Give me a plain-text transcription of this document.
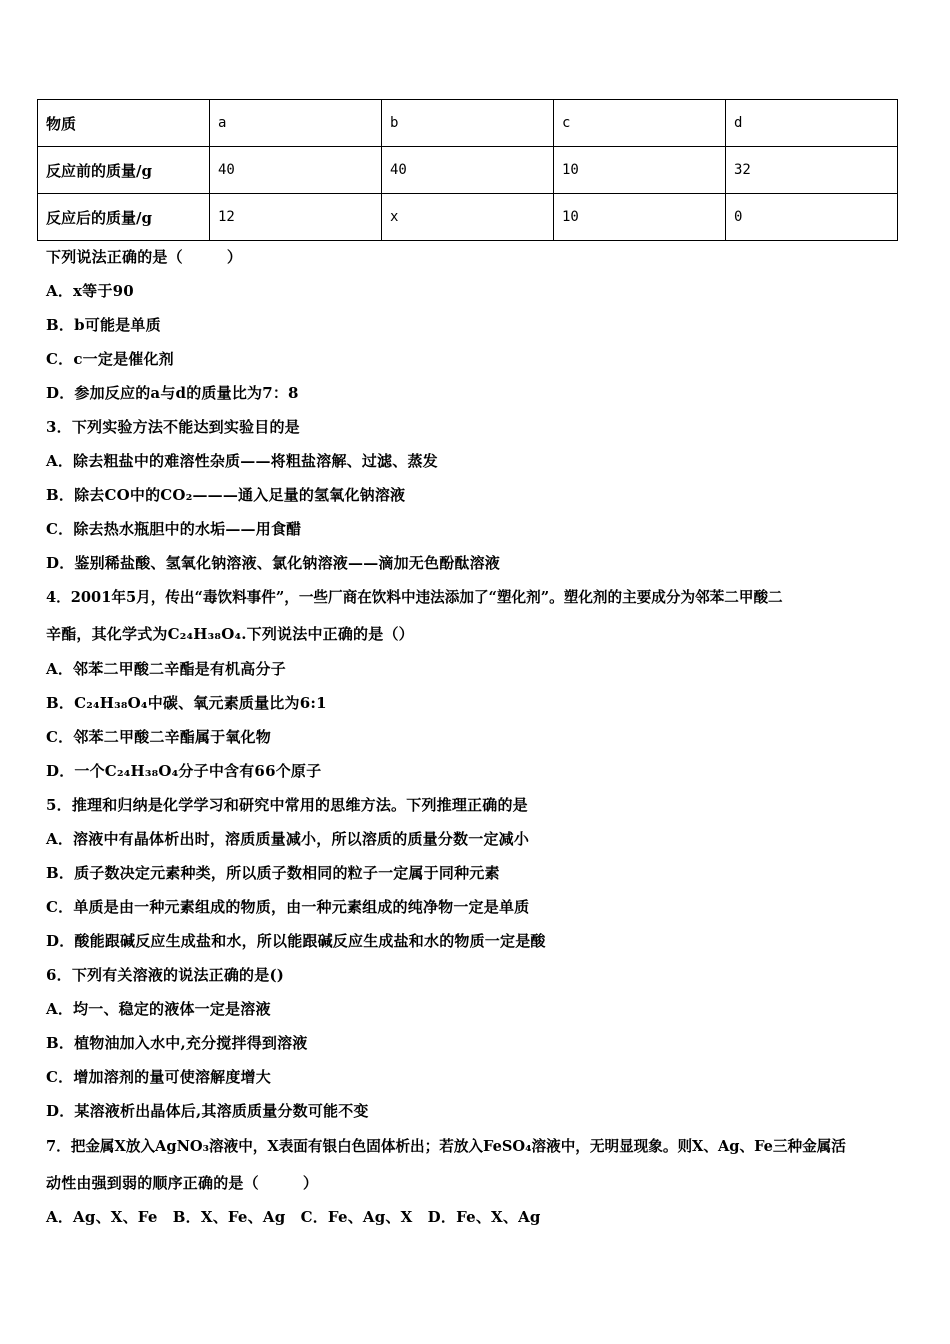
物质	a	b	c	d
反应前的质量/g	40	40	10	32
反应后的质量/g	12	x	10	0
下列说法正确的是（	）
A．x等于90
B．b可能是单质
C．c一定是催化剂
D．参加反应的a与d的质量比为7：8
3．下列实验方法不能达到实验目的是
A．除去粗盐中的难溶性杂质——将粗盐溶解、过滤、蒸发
B．除去CO中的CO₂———通入足量的氢氧化钠溶液
C．除去热水瓶胆中的水垢——用食醋
D．鉴别稀盐酸、氢氧化钠溶液、氯化钠溶液——滴加无色酚酞溶液
4．2001年5月，传出“毒饮料事件”，一些厂商在饮料中违法添加了“塑化剂”。塑化剂的主要成分为邻苯二甲酸二
辛酯，其化学式为C₂₄H₃₈O₄.下列说法中正确的是（）
A．邻苯二甲酸二辛酯是有机高分子
B．C₂₄H₃₈O₄中碳、氧元素质量比为6:1
C．邻苯二甲酸二辛酯属于氧化物
D．一个C₂₄H₃₈O₄分子中含有66个原子
5．推理和归纳是化学学习和研究中常用的思维方法。下列推理正确的是
A．溶液中有晶体析出时，溶质质量减小，所以溶质的质量分数一定减小
B．质子数决定元素种类，所以质子数相同的粒子一定属于同种元素
C．单质是由一种元素组成的物质，由一种元素组成的纯净物一定是单质
D．酸能跟碱反应生成盐和水，所以能跟碱反应生成盐和水的物质一定是酸
6．下列有关溶液的说法正确的是()
A．均一、稳定的液体一定是溶液
B．植物油加入水中,充分搅拌得到溶液
C．增加溶剂的量可使溶解度增大
D．某溶液析出晶体后,其溶质质量分数可能不变
7．把金属X放入AgNO₃溶液中，X表面有银白色固体析出；若放入FeSO₄溶液中，无明显现象。则X、Ag、Fe三种金属活
动性由强到弱的顺序正确的是（	）
A．Ag、X、Fe　B．X、Fe、Ag　C．Fe、Ag、X　D．Fe、X、Ag
